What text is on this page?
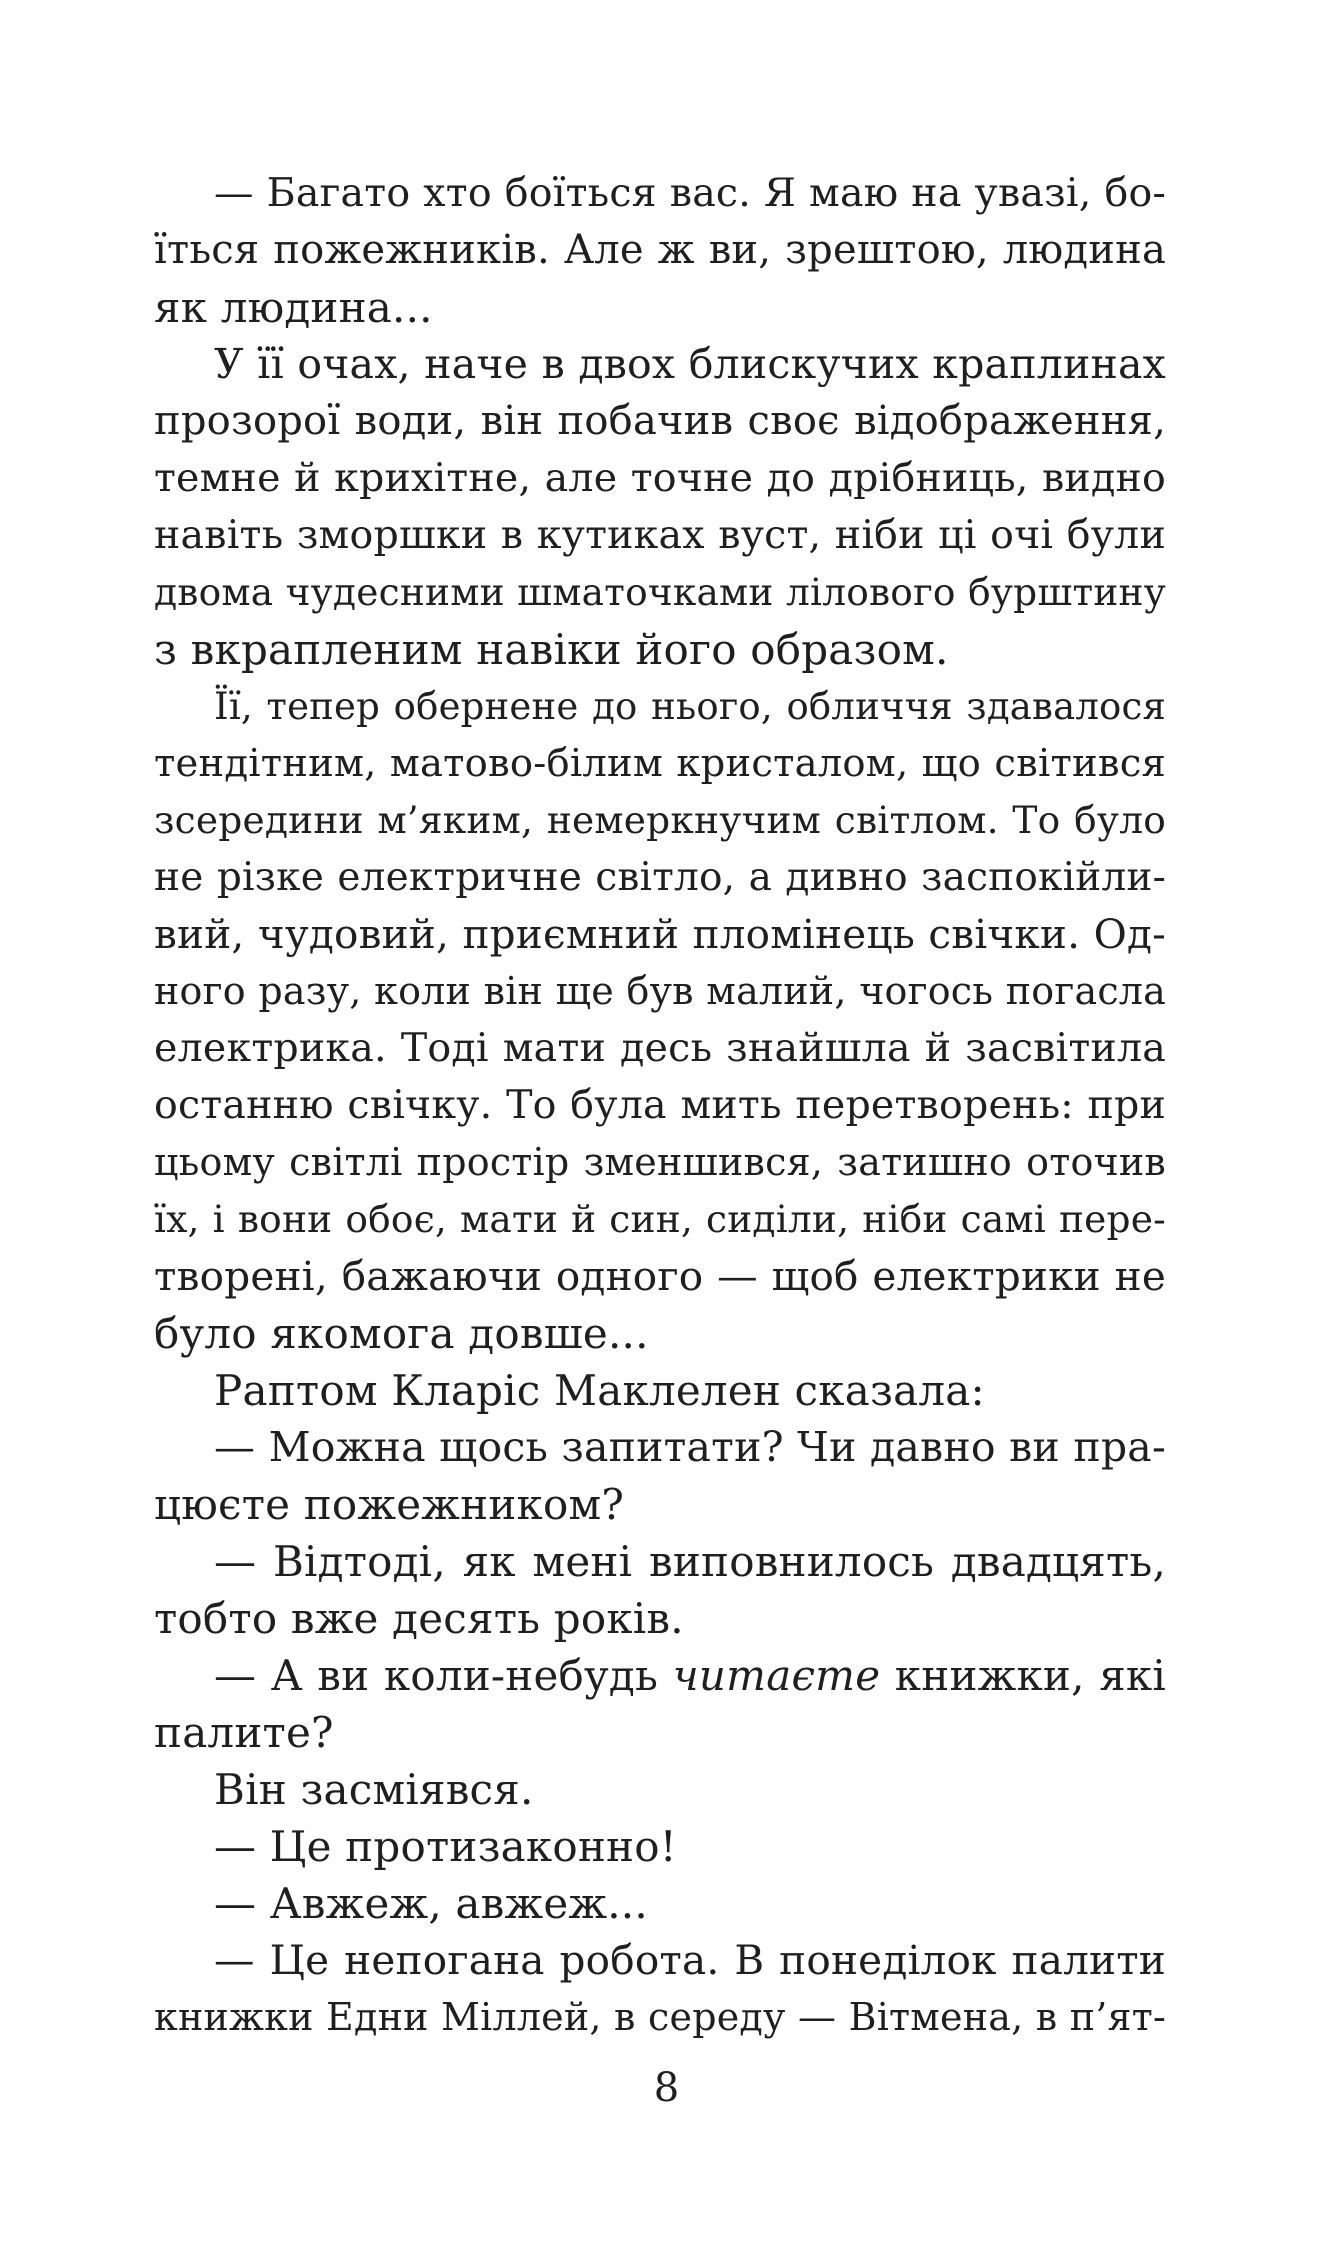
— Багато хто боїться вас. Я маю на увазі, бо-
їться пожежників. Але ж ви, зрештою, людина
як людина...
У її очах, наче в двох блискучих краплинах
прозорої води, він побачив своє відображення,
темне й крихітне, але точне до дрібниць, видно
навіть зморшки в кутиках вуст, ніби ці очі були
двома чудесними шматочками лілового бурштину
з вкрапленим навіки його образом.
Її, тепер обернене до нього, обличчя здавалося
тендітним, матово-білим кристалом, що світився
зсередини м’яким, немеркнучим світлом. То було
не різке електричне світло, а дивно заспокійли-
вий, чудовий, приємний пломінець свічки. Од-
ного разу, коли він ще був малий, чогось погасла
електрика. Тоді мати десь знайшла й засвітила
останню свічку. То була мить перетворень: при
цьому світлі простір зменшився, затишно оточив
їх, і вони обоє, мати й син, сиділи, ніби самі пере-
творені, бажаючи одного — щоб електрики не
було якомога довше...
Раптом Кларіс Маклелен сказала:
— Можна щось запитати? Чи давно ви пра-
цюєте пожежником?
— Відтоді, як мені виповнилось двадцять,
тобто вже десять років.
— А ви коли-небудь читаєте книжки, які
палите?
Він засміявся.
— Це протизаконно!
— Авжеж, авжеж...
— Це непогана робота. В понеділок палити
книжки Едни Міллей, в середу — Вітмена, в п’ят-
8
